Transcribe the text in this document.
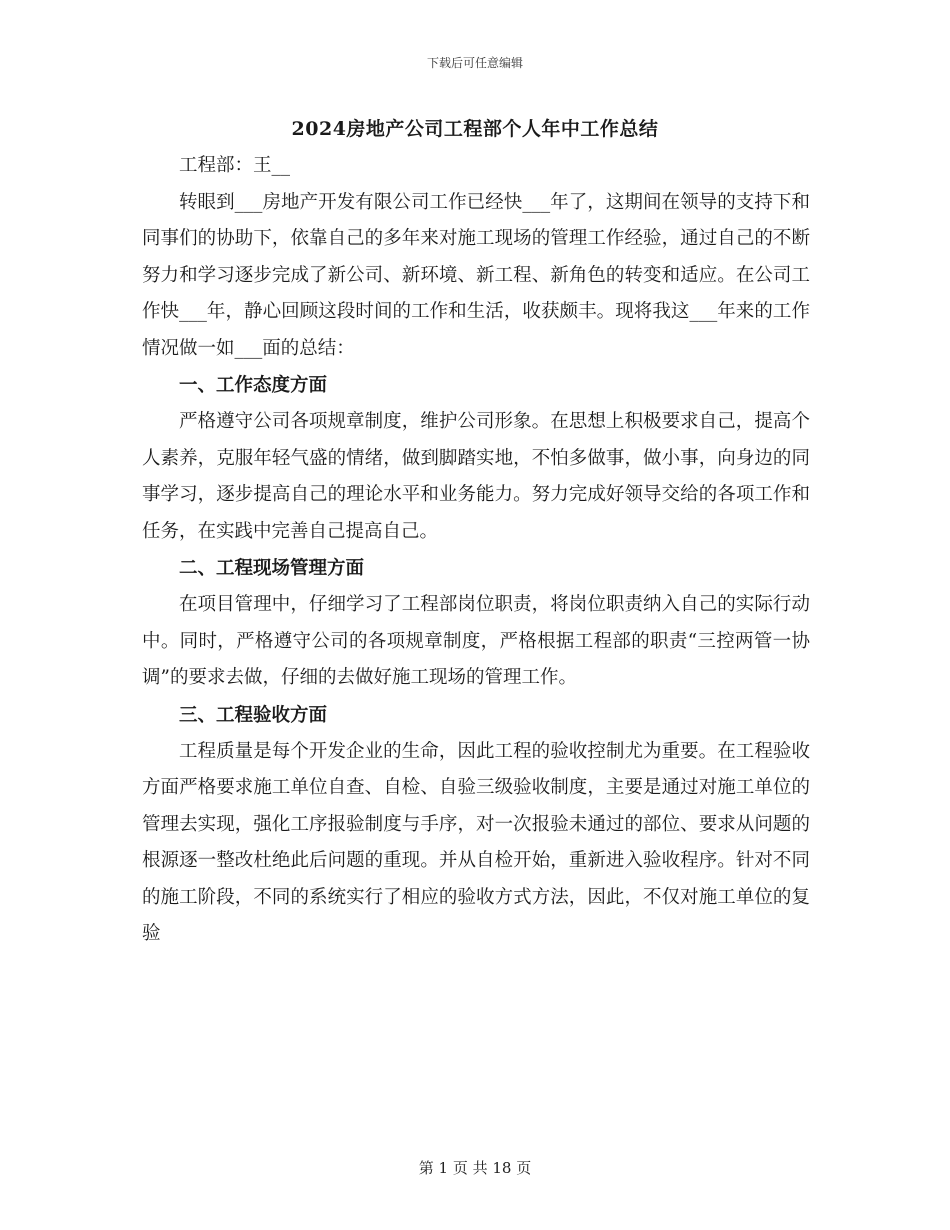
下载后可任意编辑
2024房地产公司工程部个人年中工作总结

工程部：王__

转眼到___房地产开发有限公司工作已经快___年了，这期间在领导的支持下和同事们的协助下，依靠自己的多年来对施工现场的管理工作经验，通过自己的不断努力和学习逐步完成了新公司、新环境、新工程、新角色的转变和适应。在公司工作快___年，静心回顾这段时间的工作和生活，收获颇丰。现将我这___年来的工作情况做一如___面的总结：

一、工作态度方面

严格遵守公司各项规章制度，维护公司形象。在思想上积极要求自己，提高个人素养，克服年轻气盛的情绪，做到脚踏实地，不怕多做事，做小事，向身边的同事学习，逐步提高自己的理论水平和业务能力。努力完成好领导交给的各项工作和任务，在实践中完善自己提高自己。

二、工程现场管理方面

在项目管理中，仔细学习了工程部岗位职责，将岗位职责纳入自己的实际行动中。同时，严格遵守公司的各项规章制度，严格根据工程部的职责“三控两管一协调”的要求去做，仔细的去做好施工现场的管理工作。

三、工程验收方面

工程质量是每个开发企业的生命，因此工程的验收控制尤为重要。在工程验收方面严格要求施工单位自查、自检、自验三级验收制度，主要是通过对施工单位的管理去实现，强化工序报验制度与手序，对一次报验未通过的部位、要求从问题的根源逐一整改杜绝此后问题的重现。并从自检开始，重新进入验收程序。针对不同的施工阶段，不同的系统实行了相应的验收方式方法，因此，不仅对施工单位的复验

第 1 页 共 18 页
